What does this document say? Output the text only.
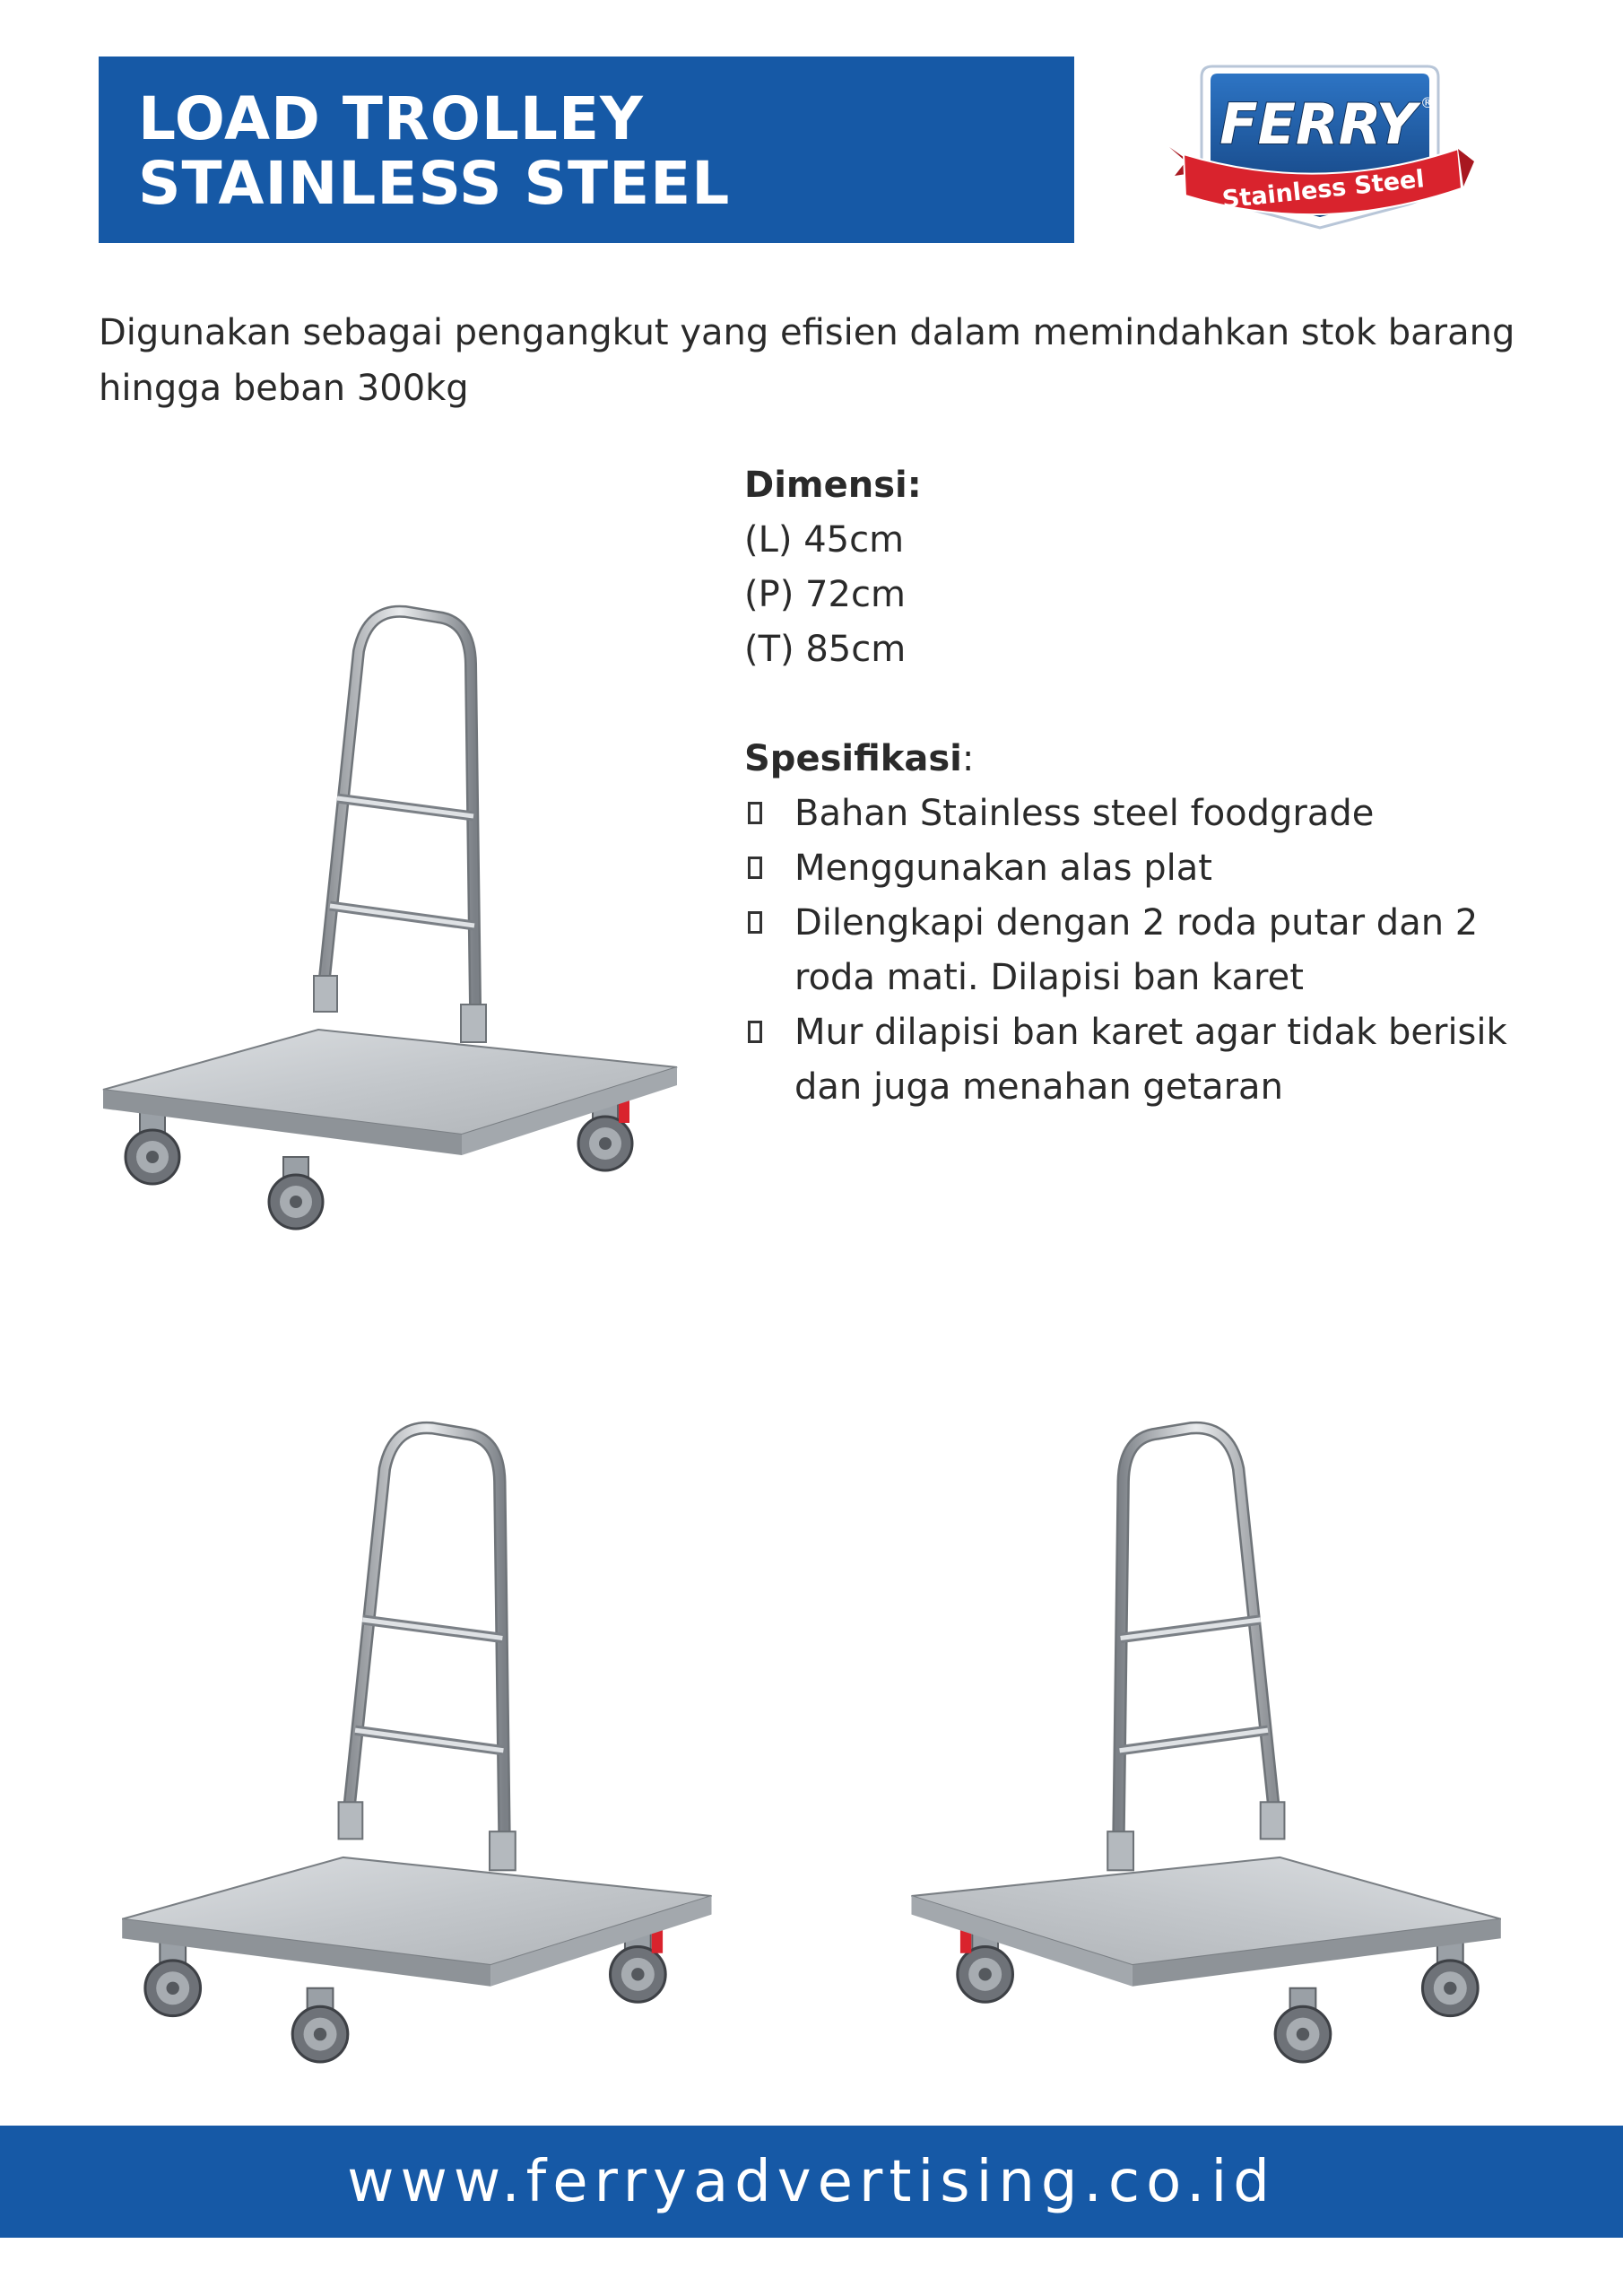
LOAD TROLLEY
STAINLESS STEEL
FERRY ®
Stainless Steel
Digunakan sebagai pengangkut yang efisien dalam memindahkan stok barang hingga beban 300kg
Dimensi:
(L) 45cm
(P) 72cm
(T) 85cm
Spesifikasi:
Bahan Stainless steel foodgrade
Menggunakan alas plat
Dilengkapi dengan 2 roda putar dan 2 roda mati. Dilapisi ban karet
Mur dilapisi ban karet agar tidak berisik dan juga menahan getaran
www.ferryadvertising.co.id
